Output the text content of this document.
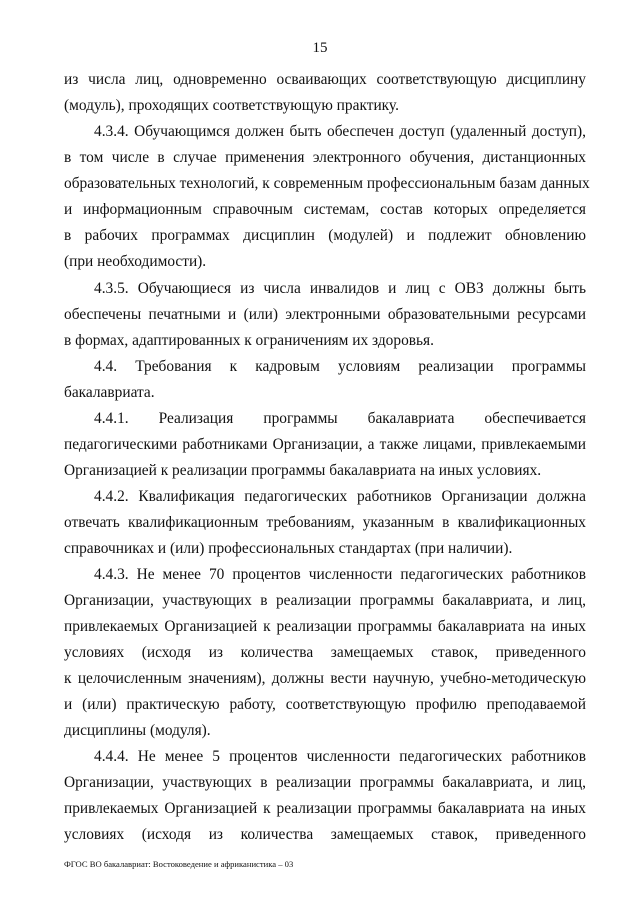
15
из числа лиц, одновременно осваивающих соответствующую дисциплину
(модуль), проходящих соответствующую практику.
4.3.4. Обучающимся должен быть обеспечен доступ (удаленный доступ),
в том числе в случае применения электронного обучения, дистанционных
образовательных технологий, к современным профессиональным базам данных
и информационным справочным системам, состав которых определяется
в рабочих программах дисциплин (модулей) и подлежит обновлению
(при необходимости).
4.3.5. Обучающиеся из числа инвалидов и лиц с ОВЗ должны быть
обеспечены печатными и (или) электронными образовательными ресурсами
в формах, адаптированных к ограничениям их здоровья.
4.4. Требования к кадровым условиям реализации программы
бакалавриата.
4.4.1. Реализация программы бакалавриата обеспечивается
педагогическими работниками Организации, а также лицами, привлекаемыми
Организацией к реализации программы бакалавриата на иных условиях.
4.4.2. Квалификация педагогических работников Организации должна
отвечать квалификационным требованиям, указанным в квалификационных
справочниках и (или) профессиональных стандартах (при наличии).
4.4.3. Не менее 70 процентов численности педагогических работников
Организации, участвующих в реализации программы бакалавриата, и лиц,
привлекаемых Организацией к реализации программы бакалавриата на иных
условиях (исходя из количества замещаемых ставок, приведенного
к целочисленным значениям), должны вести научную, учебно-методическую
и (или) практическую работу, соответствующую профилю преподаваемой
дисциплины (модуля).
4.4.4. Не менее 5 процентов численности педагогических работников
Организации, участвующих в реализации программы бакалавриата, и лиц,
привлекаемых Организацией к реализации программы бакалавриата на иных
условиях (исходя из количества замещаемых ставок, приведенного
ФГОС ВО бакалавриат: Востоковедение и африканистика – 03
